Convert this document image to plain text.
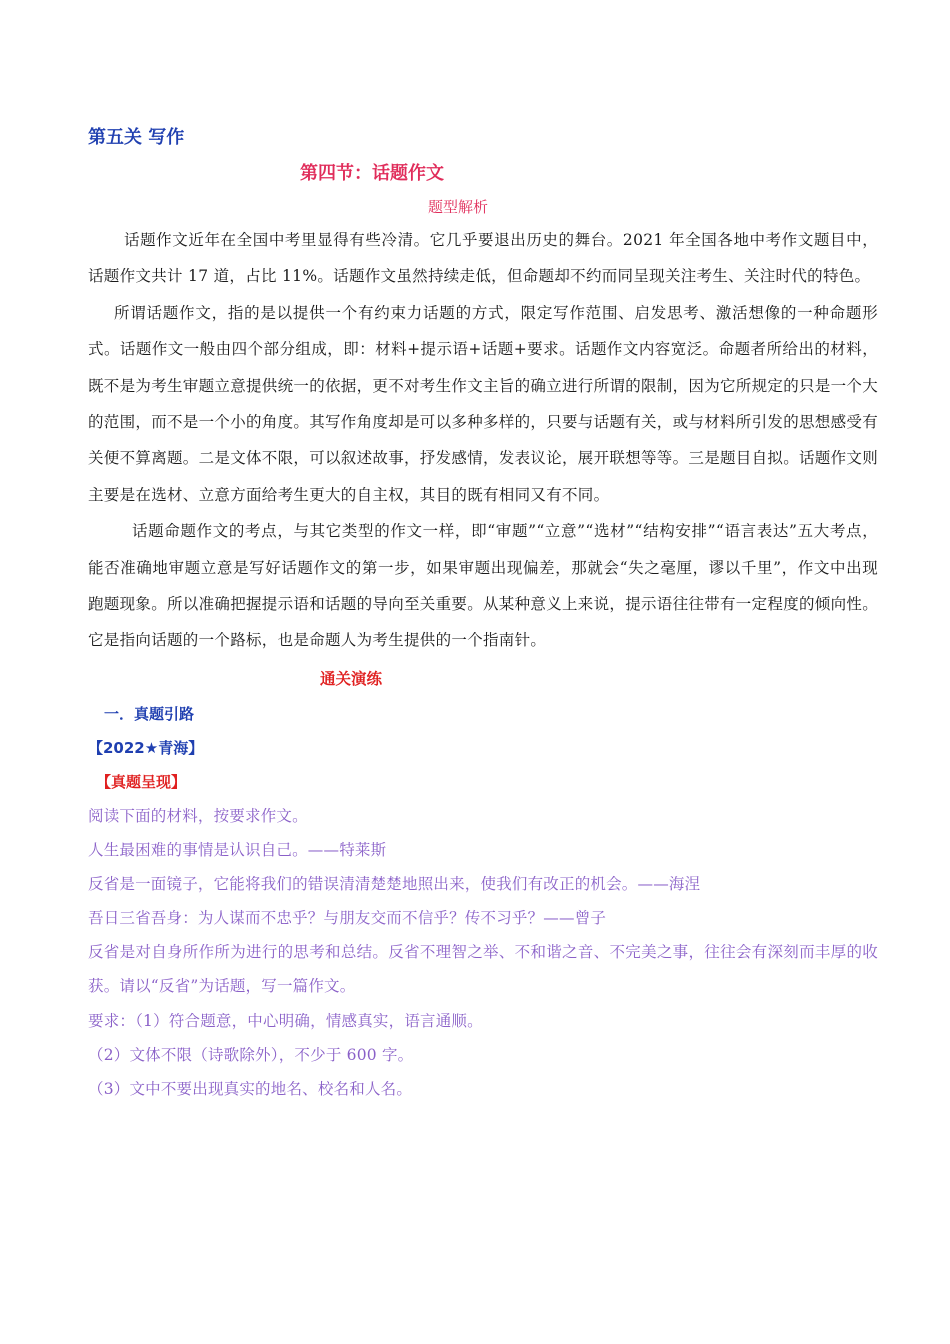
第五关 写作
第四节：话题作文
题型解析

话题作文近年在全国中考里显得有些冷清。它几乎要退出历史的舞台。2021 年全国各地中考作文题目中，话题作文共计 17 道，占比 11%。话题作文虽然持续走低，但命题却不约而同呈现关注考生、关注时代的特色。

所谓话题作文，指的是以提供一个有约束力话题的方式，限定写作范围、启发思考、激活想像的一种命题形式。话题作文一般由四个部分组成，即：材料+提示语+话题+要求。话题作文内容宽泛。命题者所给出的材料，既不是为考生审题立意提供统一的依据，更不对考生作文主旨的确立进行所谓的限制，因为它所规定的只是一个大的范围，而不是一个小的角度。其写作角度却是可以多种多样的，只要与话题有关，或与材料所引发的思想感受有关便不算离题。二是文体不限，可以叙述故事，抒发感情，发表议论，展开联想等等。三是题目自拟。话题作文则主要是在选材、立意方面给考生更大的自主权，其目的既有相同又有不同。

话题命题作文的考点，与其它类型的作文一样，即“审题”“立意”“选材”“结构安排”“语言表达”五大考点， 能否准确地审题立意是写好话题作文的第一步，如果审题出现偏差，那就会“失之毫厘，谬以千里”，作文中出现跑题现象。所以准确把握提示语和话题的导向至关重要。从某种意义上来说，提示语往往带有一定程度的倾向性。它是指向话题的一个路标，也是命题人为考生提供的一个指南针。

通关演练
一．真题引路
【2022★青海】
【真题呈现】

阅读下面的材料，按要求作文。

人生最困难的事情是认识自己。——特莱斯

反省是一面镜子，它能将我们的错误清清楚楚地照出来，使我们有改正的机会。——海涅

吾日三省吾身：为人谋而不忠乎？与朋友交而不信乎？传不习乎？——曾子

反省是对自身所作所为进行的思考和总结。反省不理智之举、不和谐之音、不完美之事，往往会有深刻而丰厚的收获。请以“反省”为话题，写一篇作文。

要求：（1）符合题意，中心明确，情感真实，语言通顺。

（2）文体不限（诗歌除外），不少于 600 字。

（3）文中不要出现真实的地名、校名和人名。
